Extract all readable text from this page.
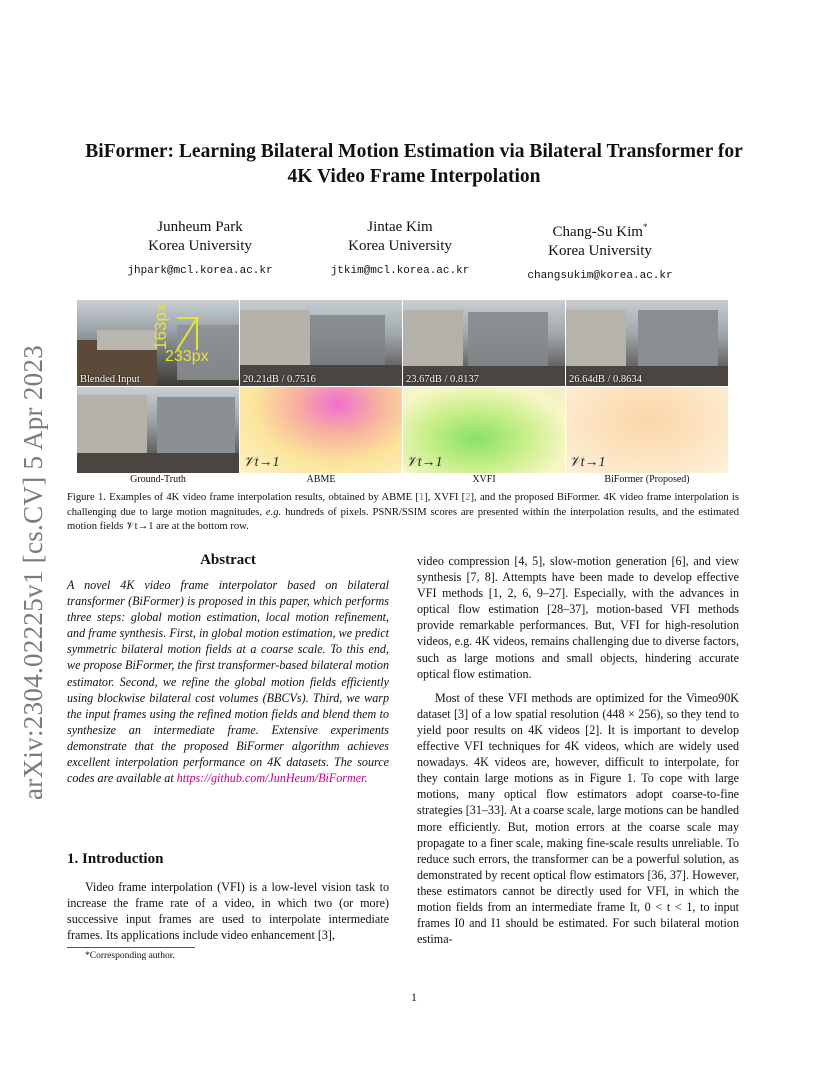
arXiv:2304.02225v1 [cs.CV] 5 Apr 2023
BiFormer: Learning Bilateral Motion Estimation via Bilateral Transformer for
4K Video Frame Interpolation
Junheum Park
Korea University
jhpark@mcl.korea.ac.kr
Jintae Kim
Korea University
jtkim@mcl.korea.ac.kr
Chang-Su Kim*
Korea University
changsukim@korea.ac.kr
163px
233px
Blended Input	20.21dB / 0.7516	23.67dB / 0.8137	26.64dB / 0.8634
𝒱t→1	𝒱t→1	𝒱t→1
Ground-Truth	ABME	XVFI	BiFormer (Proposed)
Figure 1. Examples of 4K video frame interpolation results, obtained by ABME [1], XVFI [2], and the proposed BiFormer. 4K video frame interpolation is challenging due to large motion magnitudes, e.g. hundreds of pixels. PSNR/SSIM scores are presented within the interpolation results, and the estimated motion fields 𝒱t→1 are at the bottom row.
Abstract
A novel 4K video frame interpolator based on bilateral transformer (BiFormer) is proposed in this paper, which performs three steps: global motion estimation, local motion refinement, and frame synthesis. First, in global motion estimation, we predict symmetric bilateral motion fields at a coarse scale. To this end, we propose BiFormer, the first transformer-based bilateral motion estimator. Second, we refine the global motion fields efficiently using blockwise bilateral cost volumes (BBCVs). Third, we warp the input frames using the refined motion fields and blend them to synthesize an intermediate frame. Extensive experiments demonstrate that the proposed BiFormer algorithm achieves excellent interpolation performance on 4K datasets. The source codes are available at https://github.com/JunHeum/BiFormer.
1. Introduction
Video frame interpolation (VFI) is a low-level vision task to increase the frame rate of a video, in which two (or more) successive input frames are used to interpolate intermediate frames. Its applications include video enhancement [3],
*Corresponding author.
video compression [4, 5], slow-motion generation [6], and view synthesis [7, 8]. Attempts have been made to develop effective VFI methods [1, 2, 6, 9–27]. Especially, with the advances in optical flow estimation [28–37], motion-based VFI methods provide remarkable performances. But, VFI for high-resolution videos, e.g. 4K videos, remains challenging due to diverse factors, such as large motions and small objects, hindering accurate optical flow estimation.
Most of these VFI methods are optimized for the Vimeo90K dataset [3] of a low spatial resolution (448 × 256), so they tend to yield poor results on 4K videos [2]. It is important to develop effective VFI techniques for 4K videos, which are widely used nowadays. 4K videos are, however, difficult to interpolate, for they contain large motions as in Figure 1. To cope with large motions, many optical flow estimators adopt coarse-to-fine strategies [31–33]. At a coarse scale, large motions can be handled more efficiently. But, motion errors at the coarse scale may propagate to a finer scale, making fine-scale results unreliable. To reduce such errors, the transformer can be a powerful solution, as demonstrated by recent optical flow estimators [36, 37]. However, these estimators cannot be directly used for VFI, in which the motion fields from an intermediate frame It, 0 < t < 1, to input frames I0 and I1 should be estimated. For such bilateral motion estima-
1
